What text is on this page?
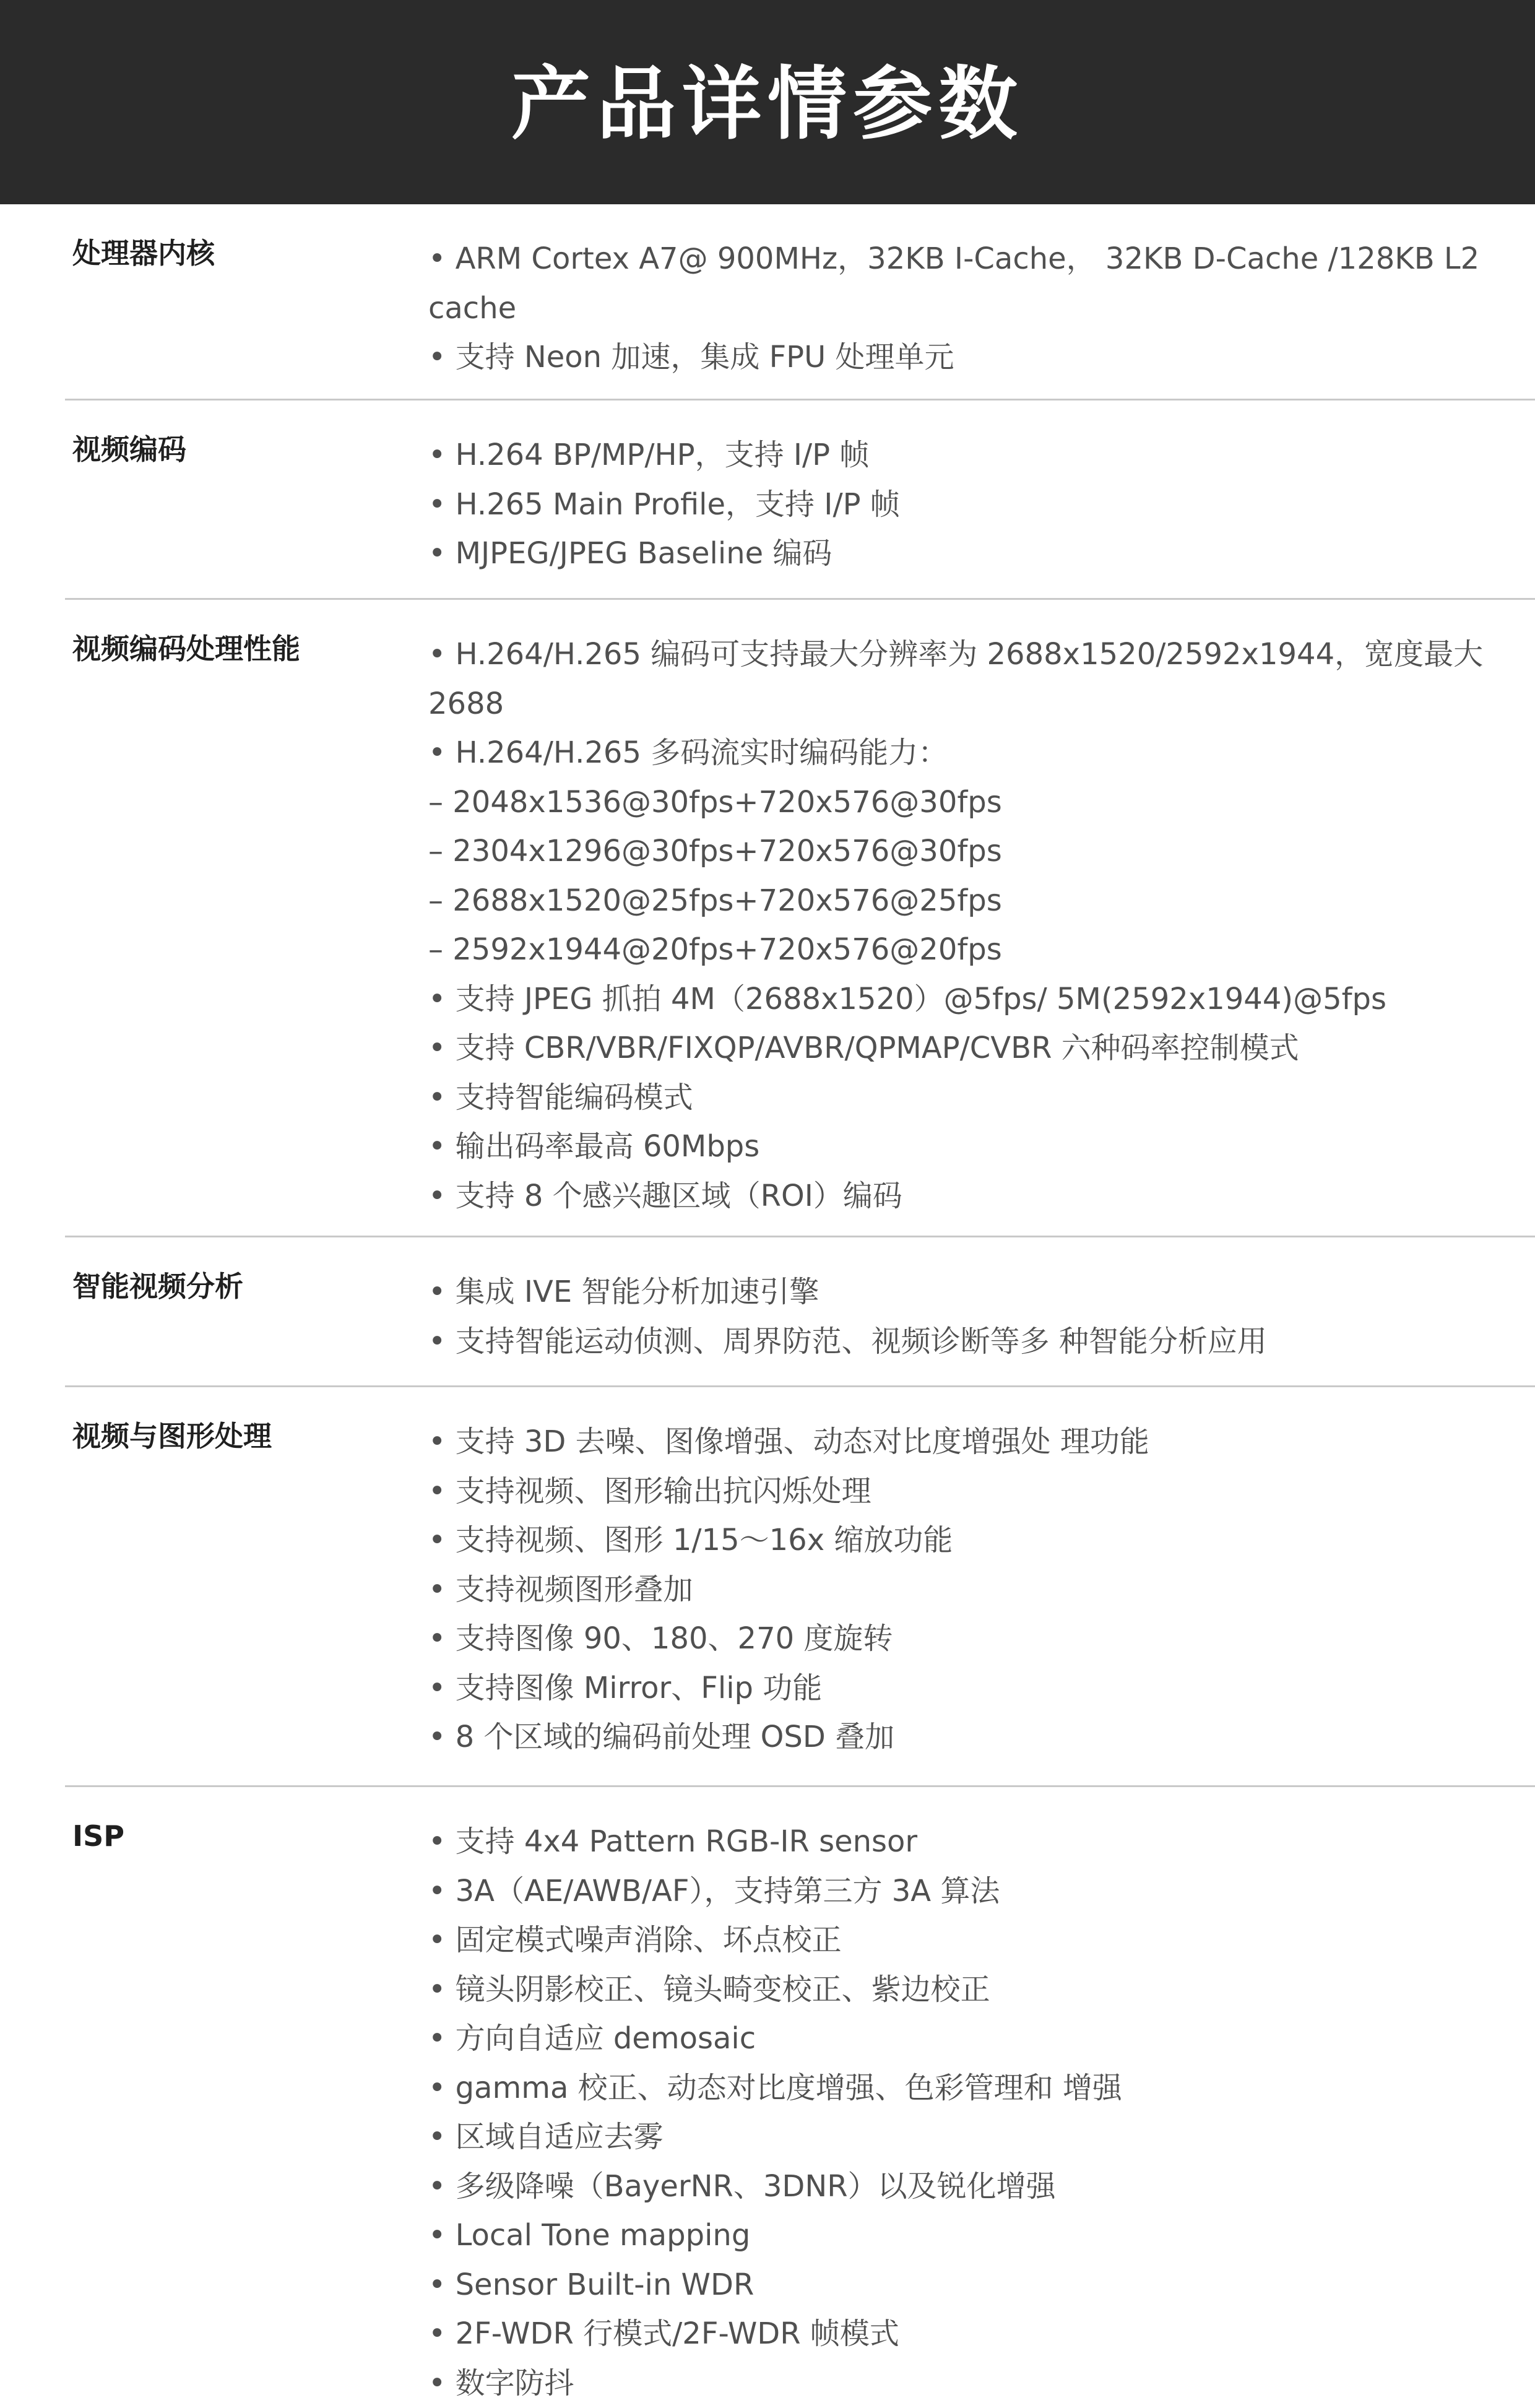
产品详情参数
处理器内核	• ARM Cortex A7@ 900MHz，32KB I-Cache， 32KB D-Cache /128KB L2
cache
• 支持 Neon 加速，集成 FPU 处理单元
视频编码	• H.264 BP/MP/HP，支持 I/P 帧
• H.265 Main Profile，支持 I/P 帧
• MJPEG/JPEG Baseline 编码
视频编码处理性能	• H.264/H.265 编码可支持最大分辨率为 2688x1520/2592x1944，宽度最大
2688
• H.264/H.265 多码流实时编码能力：
– 2048x1536@30fps+720x576@30fps
– 2304x1296@30fps+720x576@30fps
– 2688x1520@25fps+720x576@25fps
– 2592x1944@20fps+720x576@20fps
• 支持 JPEG 抓拍 4M（2688x1520）@5fps/ 5M(2592x1944)@5fps
• 支持 CBR/VBR/FIXQP/AVBR/QPMAP/CVBR 六种码率控制模式
• 支持智能编码模式
• 输出码率最高 60Mbps
• 支持 8 个感兴趣区域（ROI）编码
智能视频分析	• 集成 IVE 智能分析加速引擎
• 支持智能运动侦测、周界防范、视频诊断等多 种智能分析应用
视频与图形处理	• 支持 3D 去噪、图像增强、动态对比度增强处 理功能
• 支持视频、图形输出抗闪烁处理
• 支持视频、图形 1/15～16x 缩放功能
• 支持视频图形叠加
• 支持图像 90、180、270 度旋转
• 支持图像 Mirror、Flip 功能
• 8 个区域的编码前处理 OSD 叠加
ISP	• 支持 4x4 Pattern RGB-IR sensor
• 3A（AE/AWB/AF），支持第三方 3A 算法
• 固定模式噪声消除、坏点校正
• 镜头阴影校正、镜头畸变校正、紫边校正
• 方向自适应 demosaic
• gamma 校正、动态对比度增强、色彩管理和 增强
• 区域自适应去雾
• 多级降噪（BayerNR、3DNR）以及锐化增强
• Local Tone mapping
• Sensor Built-in WDR
• 2F-WDR 行模式/2F-WDR 帧模式
• 数字防抖
